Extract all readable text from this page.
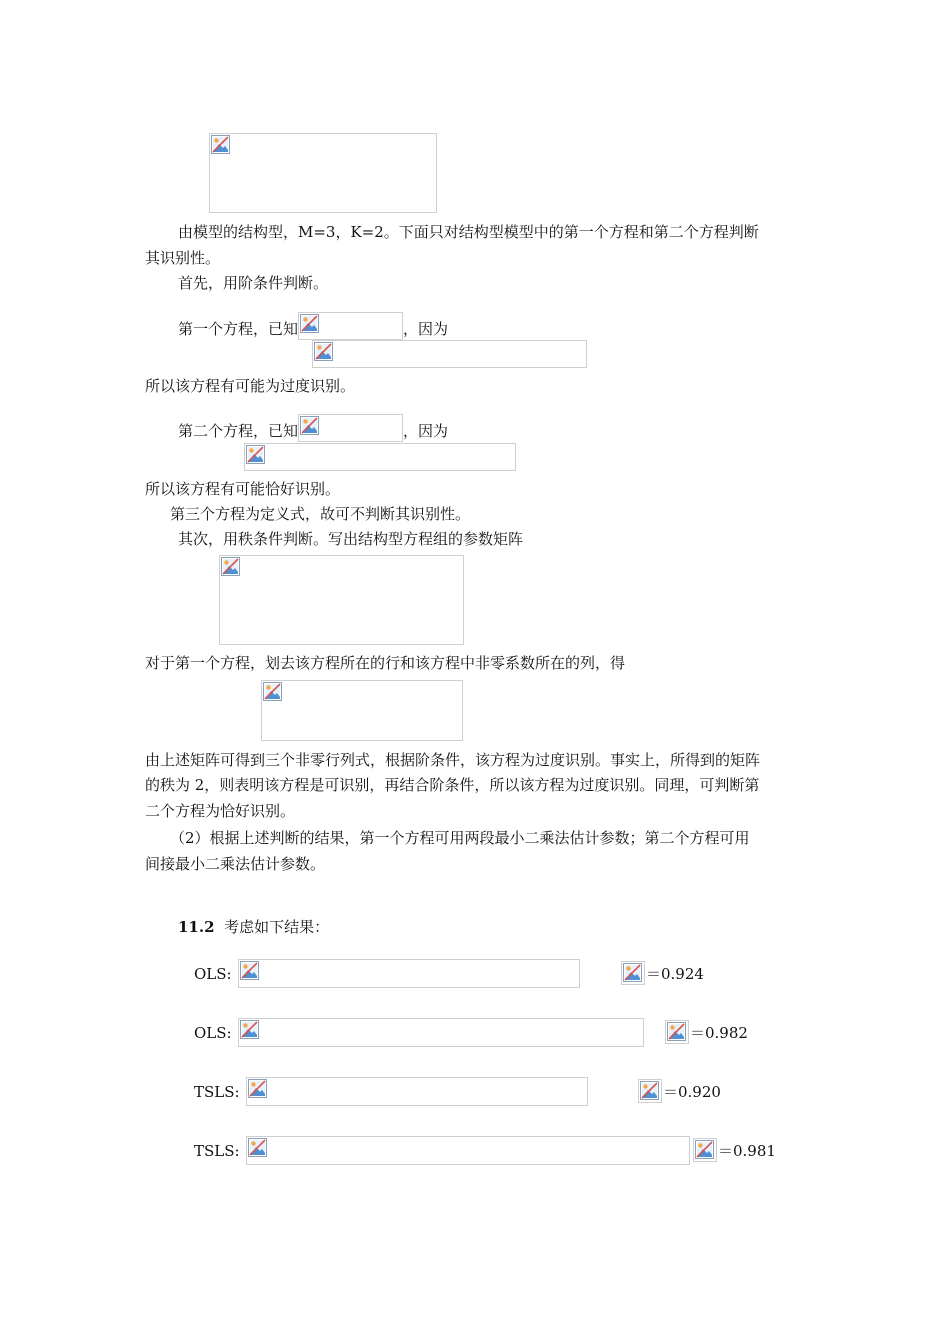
由模型的结构型，M=3，K=2。下面只对结构型模型中的第一个方程和第二个方程判断
其识别性。
首先，用阶条件判断。
第一个方程，已知	，因为
所以该方程有可能为过度识别。
第二个方程，已知	，因为
所以该方程有可能恰好识别。
第三个方程为定义式，故可不判断其识别性。
其次，用秩条件判断。写出结构型方程组的参数矩阵
对于第一个方程，划去该方程所在的行和该方程中非零系数所在的列，得
由上述矩阵可得到三个非零行列式，根据阶条件，该方程为过度识别。事实上，所得到的矩阵
的秩为 2，则表明该方程是可识别，再结合阶条件，所以该方程为过度识别。同理，可判断第
二个方程为恰好识别。
（2）根据上述判断的结果，第一个方程可用两段最小二乘法估计参数；第二个方程可用
间接最小二乘法估计参数。
11.2 考虑如下结果：
OLS:	＝0.924
OLS:	＝0.982
TSLS:	＝0.920
TSLS:	＝0.981
